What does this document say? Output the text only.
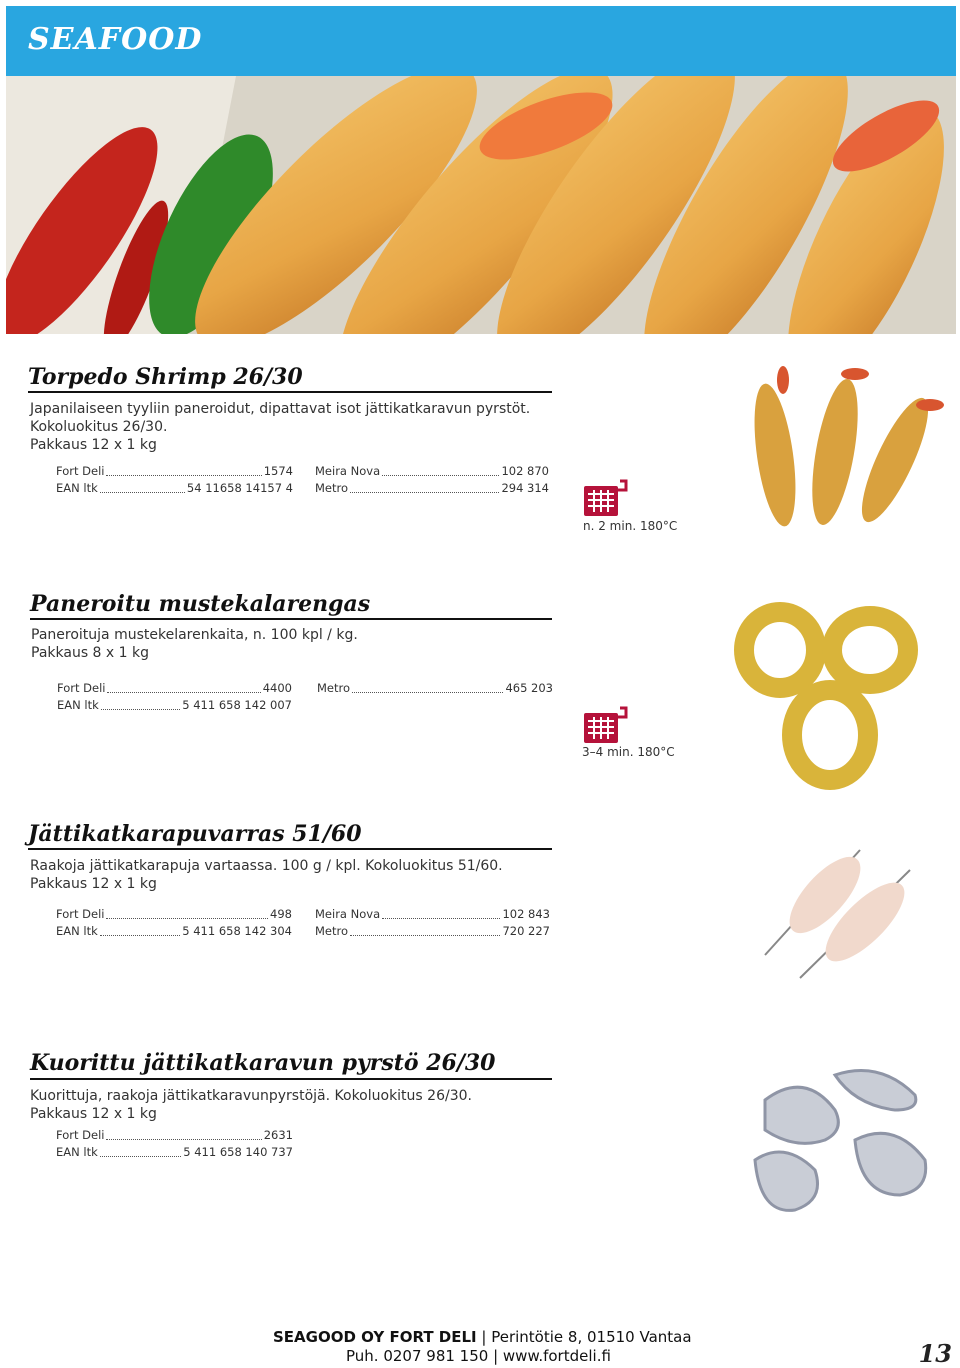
SEAFOOD
Torpedo Shrimp 26/30
Japanilaiseen tyyliin paneroidut, dipattavat isot jättikatkaravun pyrstöt.
Kokoluokitus 26/30.
Pakkaus 12 x 1 kg
Fort Deli	1574
EAN ltk	54 11658 14157 4
Meira Nova	102 870
Metro	294 314
n. 2 min. 180°C
Paneroitu mustekalarengas
Paneroituja mustekelarenkaita, n. 100 kpl / kg.
Pakkaus 8 x 1 kg
Fort Deli	4400
EAN ltk	5 411 658 142 007
Metro	465 203
3–4 min. 180°C
Jättikatkarapuvarras 51/60
Raakoja jättikatkarapuja vartaassa. 100 g / kpl. Kokoluokitus 51/60.
Pakkaus 12 x 1 kg
Fort Deli	498
EAN ltk	5 411 658 142 304
Meira Nova	102 843
Metro	720 227
Kuorittu jättikatkaravun pyrstö 26/30
Kuorittuja, raakoja jättikatkaravunpyrstöjä. Kokoluokitus 26/30.
Pakkaus 12 x 1 kg
Fort Deli	2631
EAN ltk	5 411 658 140 737
SEAGOOD OY FORT DELI | Perintötie 8, 01510 Vantaa
Puh. 0207 981 150 | www.fortdeli.fi	13
